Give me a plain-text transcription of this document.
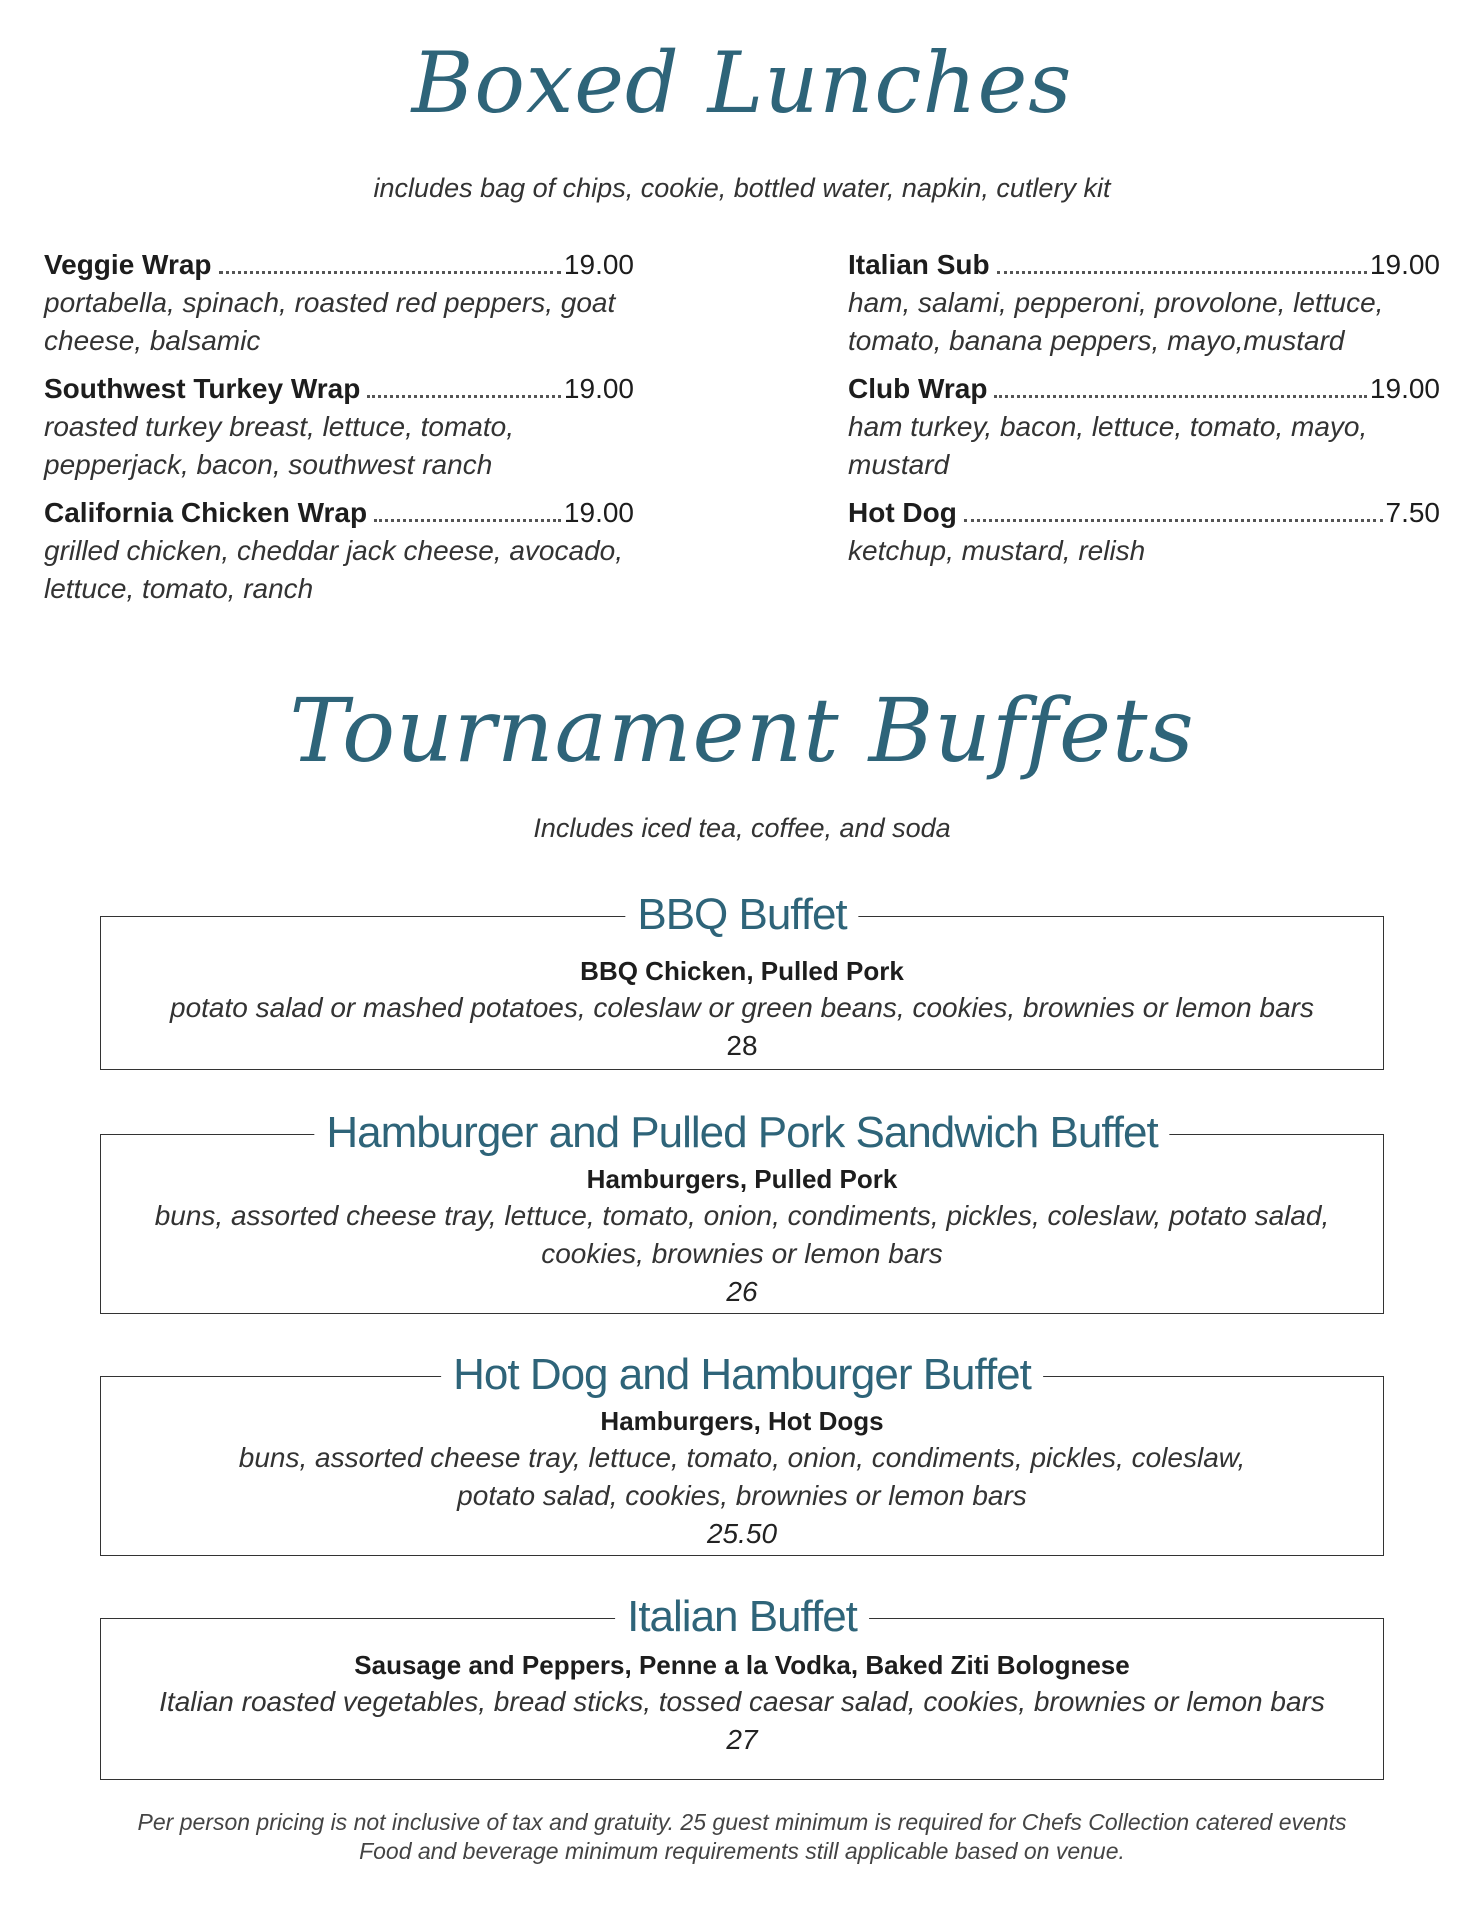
Boxed Lunches
includes bag of chips, cookie, bottled water, napkin, cutlery kit
Veggie Wrap	19.00
portabella, spinach, roasted red peppers, goat cheese, balsamic
Southwest Turkey Wrap	19.00
roasted turkey breast, lettuce, tomato, pepperjack, bacon, southwest ranch
California Chicken Wrap	19.00
grilled chicken, cheddar jack cheese, avocado, lettuce, tomato, ranch
Italian Sub	19.00
ham, salami, pepperoni, provolone, lettuce, tomato, banana peppers, mayo,mustard
Club Wrap	19.00
ham turkey, bacon, lettuce, tomato, mayo, mustard
Hot Dog	7.50
ketchup, mustard, relish
Tournament Buffets
Includes iced tea, coffee, and soda
BBQ Buffet
BBQ Chicken, Pulled Pork
potato salad or mashed potatoes, coleslaw or green beans, cookies, brownies or lemon bars
28
Hamburger and Pulled Pork Sandwich Buffet
Hamburgers, Pulled Pork
buns, assorted cheese tray, lettuce, tomato, onion, condiments, pickles, coleslaw, potato salad, cookies, brownies or lemon bars
26
Hot Dog and Hamburger Buffet
Hamburgers, Hot Dogs
buns, assorted cheese tray, lettuce, tomato, onion, condiments, pickles, coleslaw, potato salad, cookies, brownies or lemon bars
25.50
Italian Buffet
Sausage and Peppers, Penne a la Vodka, Baked Ziti Bolognese
Italian roasted vegetables, bread sticks, tossed caesar salad, cookies, brownies or lemon bars
27
Per person pricing is not inclusive of tax and gratuity. 25 guest minimum is required for Chefs Collection catered events
Food and beverage minimum requirements still applicable based on venue.
